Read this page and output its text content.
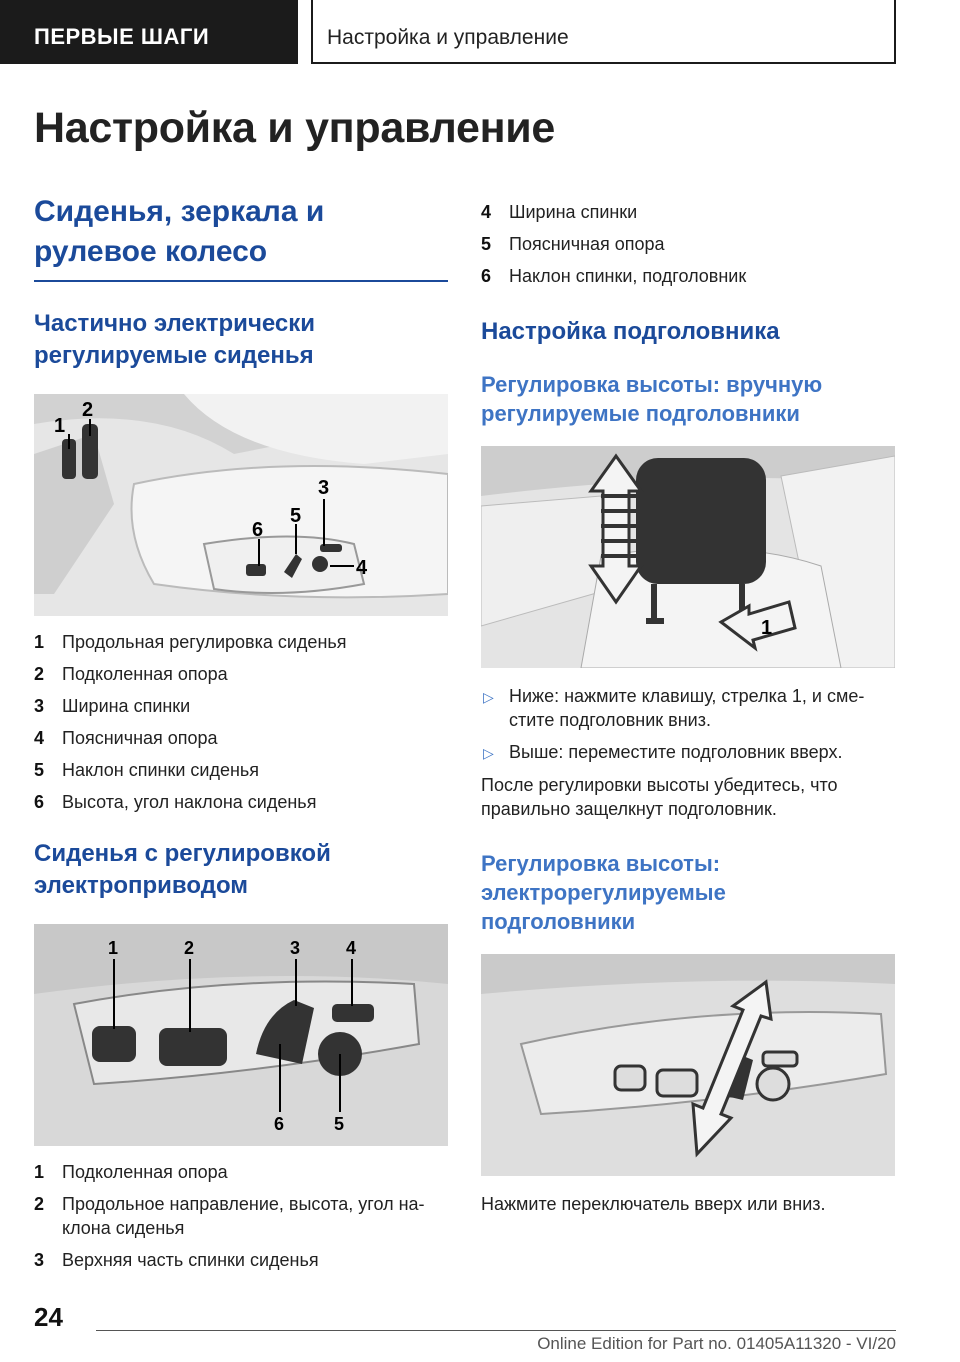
ПЕРВЫЕ ШАГИ	Настройка и управление
Настройка и управление
Сиденья, зеркала и рулевое колесо
Частично электрически регулируемые сиденья
1
2
3
4
5
6
1 Продольная регулировка сиденья
2 Подколенная опора
3 Ширина спинки
4 Поясничная опора
5 Наклон спинки сиденья
6 Высота, угол наклона сиденья
Сиденья с регулировкой электроприводом
1	2	3	4
6	5
1 Подколенная опора
2 Продольное направление, высота, угол на-клона сиденья
3 Верхняя часть спинки сиденья
4 Ширина спинки
5 Поясничная опора
6 Наклон спинки, подголовник
Настройка подголовника
Регулировка высоты: вручную регулируемые подголовники
1
▷ Ниже: нажмите клавишу, стрелка 1, и сме-стите подголовник вниз.
▷ Выше: переместите подголовник вверх.

После регулировки высоты убедитесь, что правильно защелкнут подголовник.

Регулировка высоты: электрорегулируемые подголовники

Нажмите переключатель вверх или вниз.

24
Online Edition for Part no. 01405A11320 - VI/20
